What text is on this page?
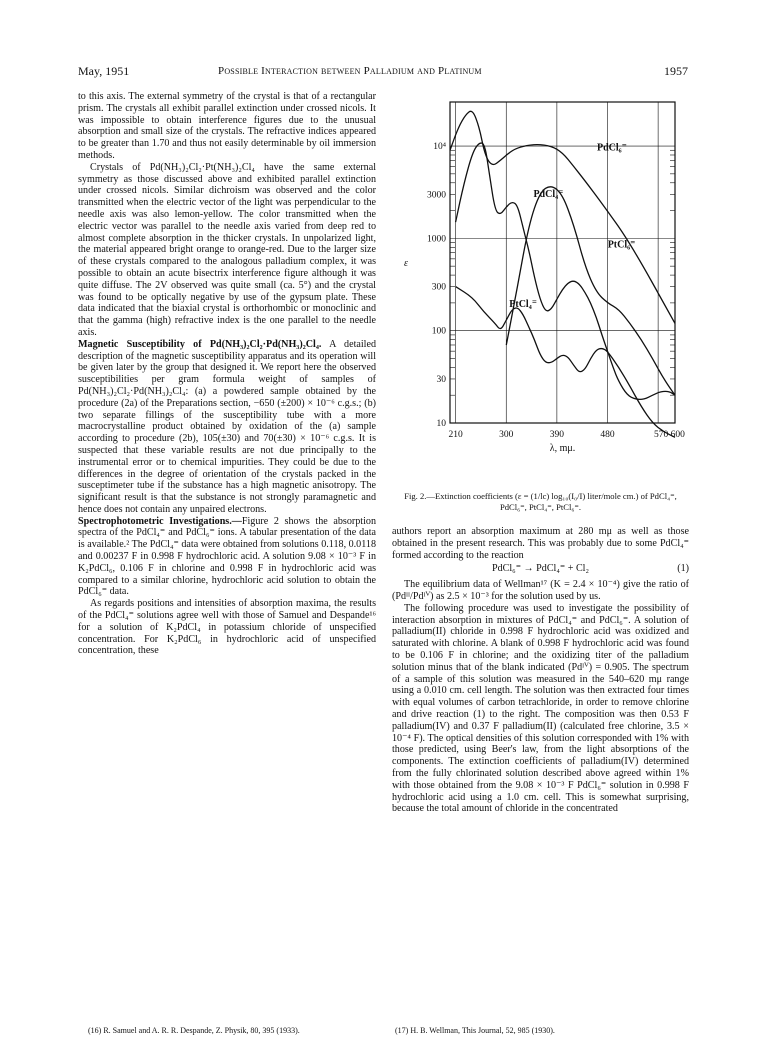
May, 1951	Possible Interaction between Palladium and Platinum	1957

to this axis. The external symmetry of the crystal is that of a rectangular prism. The crystals all exhibit parallel extinction under crossed nicols. It was impossible to obtain interference figures due to the unusual absorption and small size of the crystals. The refractive indices appeared to be greater than 1.70 and thus not easily determinable by oil immersion methods.

Crystals of Pd(NH₃)₂Cl₂·Pt(NH₃)₂Cl₄ have the same external symmetry as those discussed above and exhibited parallel extinction under crossed nicols. Similar dichroism was observed and the color transmitted when the electric vector of the light was perpendicular to the needle axis was also lemon-yellow. The color transmitted when the electric vector was parallel to the needle axis varied from deep red to almost complete absorption in the thicker crystals. In unpolarized light, the material appeared bright orange to orange-red. Due to the larger size of these crystals compared to the analogous palladium complex, it was possible to obtain an acute bisectrix interference figure although it was quite diffuse. The 2V observed was quite small (ca. 5°) and the crystal was found to be optically negative by use of the gypsum plate. These data indicated that the biaxial crystal is orthorhombic or monoclinic and that the gamma (high) refractive index is the one parallel to the needle axis.

Magnetic Susceptibility of Pd(NH₃)₂Cl₂·Pd(NH₃)₂Cl₄. A detailed description of the magnetic susceptibility apparatus and its operation will be given later by the group that designed it. We report here the observed susceptibilities per gram formula weight of samples of Pd(NH₃)₂Cl₂·Pd(NH₃)₂Cl₄: (a) a powdered sample obtained by the procedure (2a) of the Preparations section, −650 (±200) × 10⁻⁶ c.g.s.; (b) two separate fillings of the susceptibility tube with a more macrocrystalline product obtained by oxidation of the (a) sample according to procedure (2b), 105(±30) and 70(±30) × 10⁻⁶ c.g.s. It is suspected that these variable results are not due principally to the instrumental error or to chemical impurities. They could be due to the differences in the degree of orientation of the crystals packed in the susceptimeter tube if the substance has a high magnetic anisotropy. The significant result is that the substance is not strongly paramagnetic and hence does not contain any unpaired electrons.

Spectrophotometric Investigations.—Figure 2 shows the absorption spectra of the PdCl₄⁼ and PdCl₆⁼ ions. A tabular presentation of the data is available.² The PdCl₄⁼ data were obtained from solutions 0.118, 0.0118 and 0.00237 F in 0.998 F hydrochloric acid. A solution 9.08 × 10⁻³ F in K₂PdCl₆, 0.106 F in chlorine and 0.998 F in hydrochloric acid was compared to a similar chlorine, hydrochloric acid solution to obtain the PdCl₆⁼ data.

As regards positions and intensities of absorption maxima, the results of the PdCl₄⁼ solutions agree well with those of Samuel and Despande¹⁶ for a solution of K₂PdCl₄ in potassium chloride of unspecified concentration. For K₂PdCl₆ in hydrochloric acid of unspecified concentration, these

10⁴
3000
1000
300
100
30
10
210	300	390	480	570 600
λ, mμ.
ε
PdCl₆⁼
PdCl₄⁼
PtCl₆⁼
PtCl₄⁼
Fig. 2.—Extinction coefficients (ε = (1/lc) log₁₀(I₀/I) liter/mole cm.) of PdCl₄⁼, PdCl₆⁼, PtCl₄⁼, PtCl₆⁼.

authors report an absorption maximum at 280 mμ as well as those obtained in the present research. This was probably due to some PdCl₄⁼ formed according to the reaction

PdCl₆⁼ → PdCl₄⁼ + Cl₂	(1)

The equilibrium data of Wellman¹⁷ (K = 2.4 × 10⁻⁴) give the ratio of (Pdᴵᴵ/Pdᴵⱽ) as 2.5 × 10⁻³ for the solution used by us.

The following procedure was used to investigate the possibility of interaction absorption in mixtures of PdCl₄⁼ and PdCl₆⁼. A solution of palladium(II) chloride in 0.998 F hydrochloric acid was oxidized and saturated with chlorine. A blank of 0.998 F hydrochloric acid was found to be 0.106 F in chlorine; and the oxidizing titer of the palladium solution minus that of the blank indicated (Pdᴵⱽ) = 0.905. The spectrum of a sample of this solution was measured in the 540–620 mμ range using a 0.010 cm. cell length. The solution was then extracted four times with equal volumes of carbon tetrachloride, in order to remove chlorine and drive reaction (1) to the right. The composition was then 0.53 F palladium(IV) and 0.37 F palladium(II) (calculated free chlorine, 3.5 × 10⁻⁴ F). The optical densities of this solution corresponded with 1% with those predicted, using Beer's law, from the light absorptions of the components. The extinction coefficients of palladium(IV) determined from the fully chlorinated solution described above agreed within 1% with those obtained from the 9.08 × 10⁻³ F PdCl₆⁼ solution in 0.998 F hydrochloric acid using a 1.0 cm. cell. This is somewhat surprising, because the total amount of chloride in the concentrated

(16) R. Samuel and A. R. R. Despande, Z. Physik, 80, 395 (1933).	(17) H. B. Wellman, This Journal, 52, 985 (1930).
